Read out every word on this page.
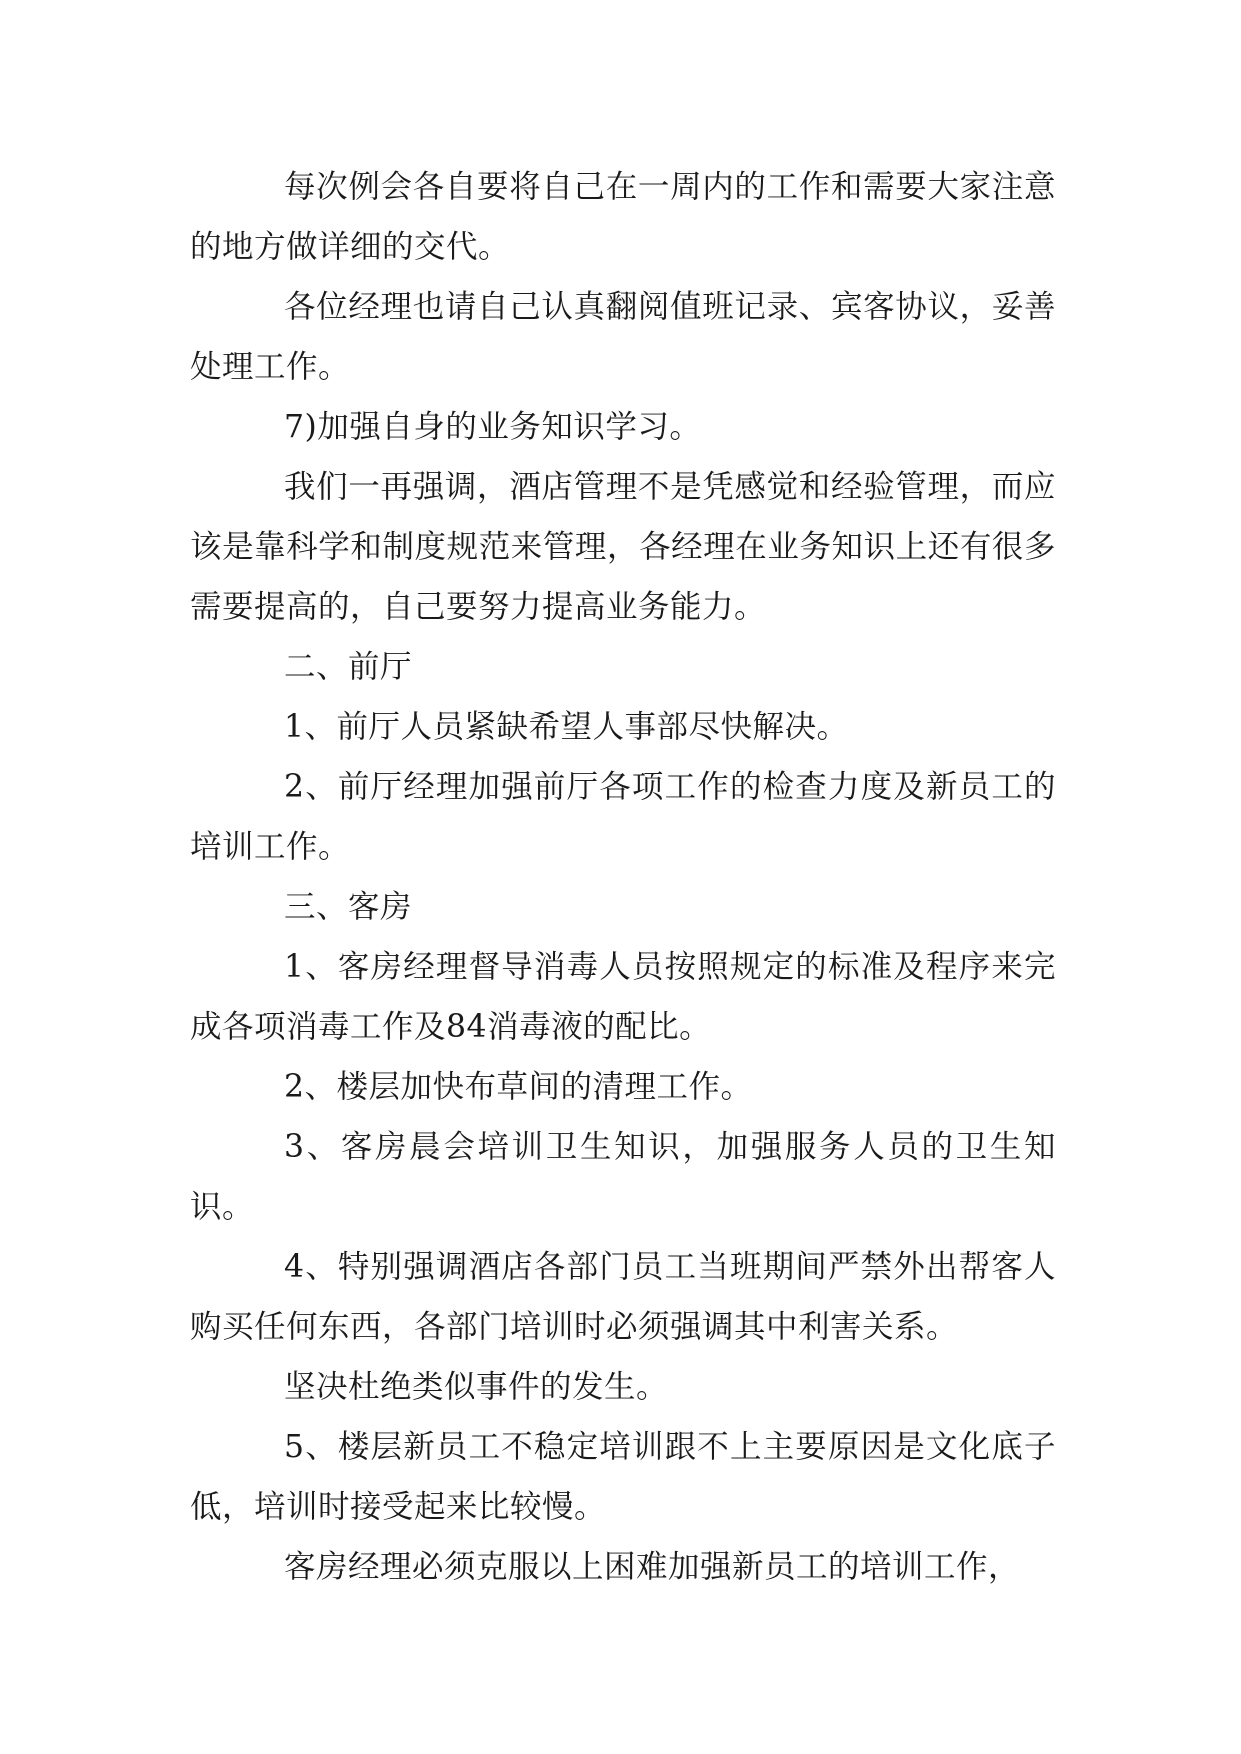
每次例会各自要将自己在一周内的工作和需要大家注意的地方做详细的交代。

各位经理也请自己认真翻阅值班记录、宾客协议，妥善处理工作。

7)加强自身的业务知识学习。

我们一再强调，酒店管理不是凭感觉和经验管理，而应该是靠科学和制度规范来管理，各经理在业务知识上还有很多需要提高的，自己要努力提高业务能力。

二、前厅

1、前厅人员紧缺希望人事部尽快解决。

2、前厅经理加强前厅各项工作的检查力度及新员工的培训工作。

三、客房

1、客房经理督导消毒人员按照规定的标准及程序来完成各项消毒工作及84消毒液的配比。

2、楼层加快布草间的清理工作。

3、客房晨会培训卫生知识，加强服务人员的卫生知识。

4、特别强调酒店各部门员工当班期间严禁外出帮客人购买任何东西，各部门培训时必须强调其中利害关系。

坚决杜绝类似事件的发生。

5、楼层新员工不稳定培训跟不上主要原因是文化底子低，培训时接受起来比较慢。

客房经理必须克服以上困难加强新员工的培训工作，
